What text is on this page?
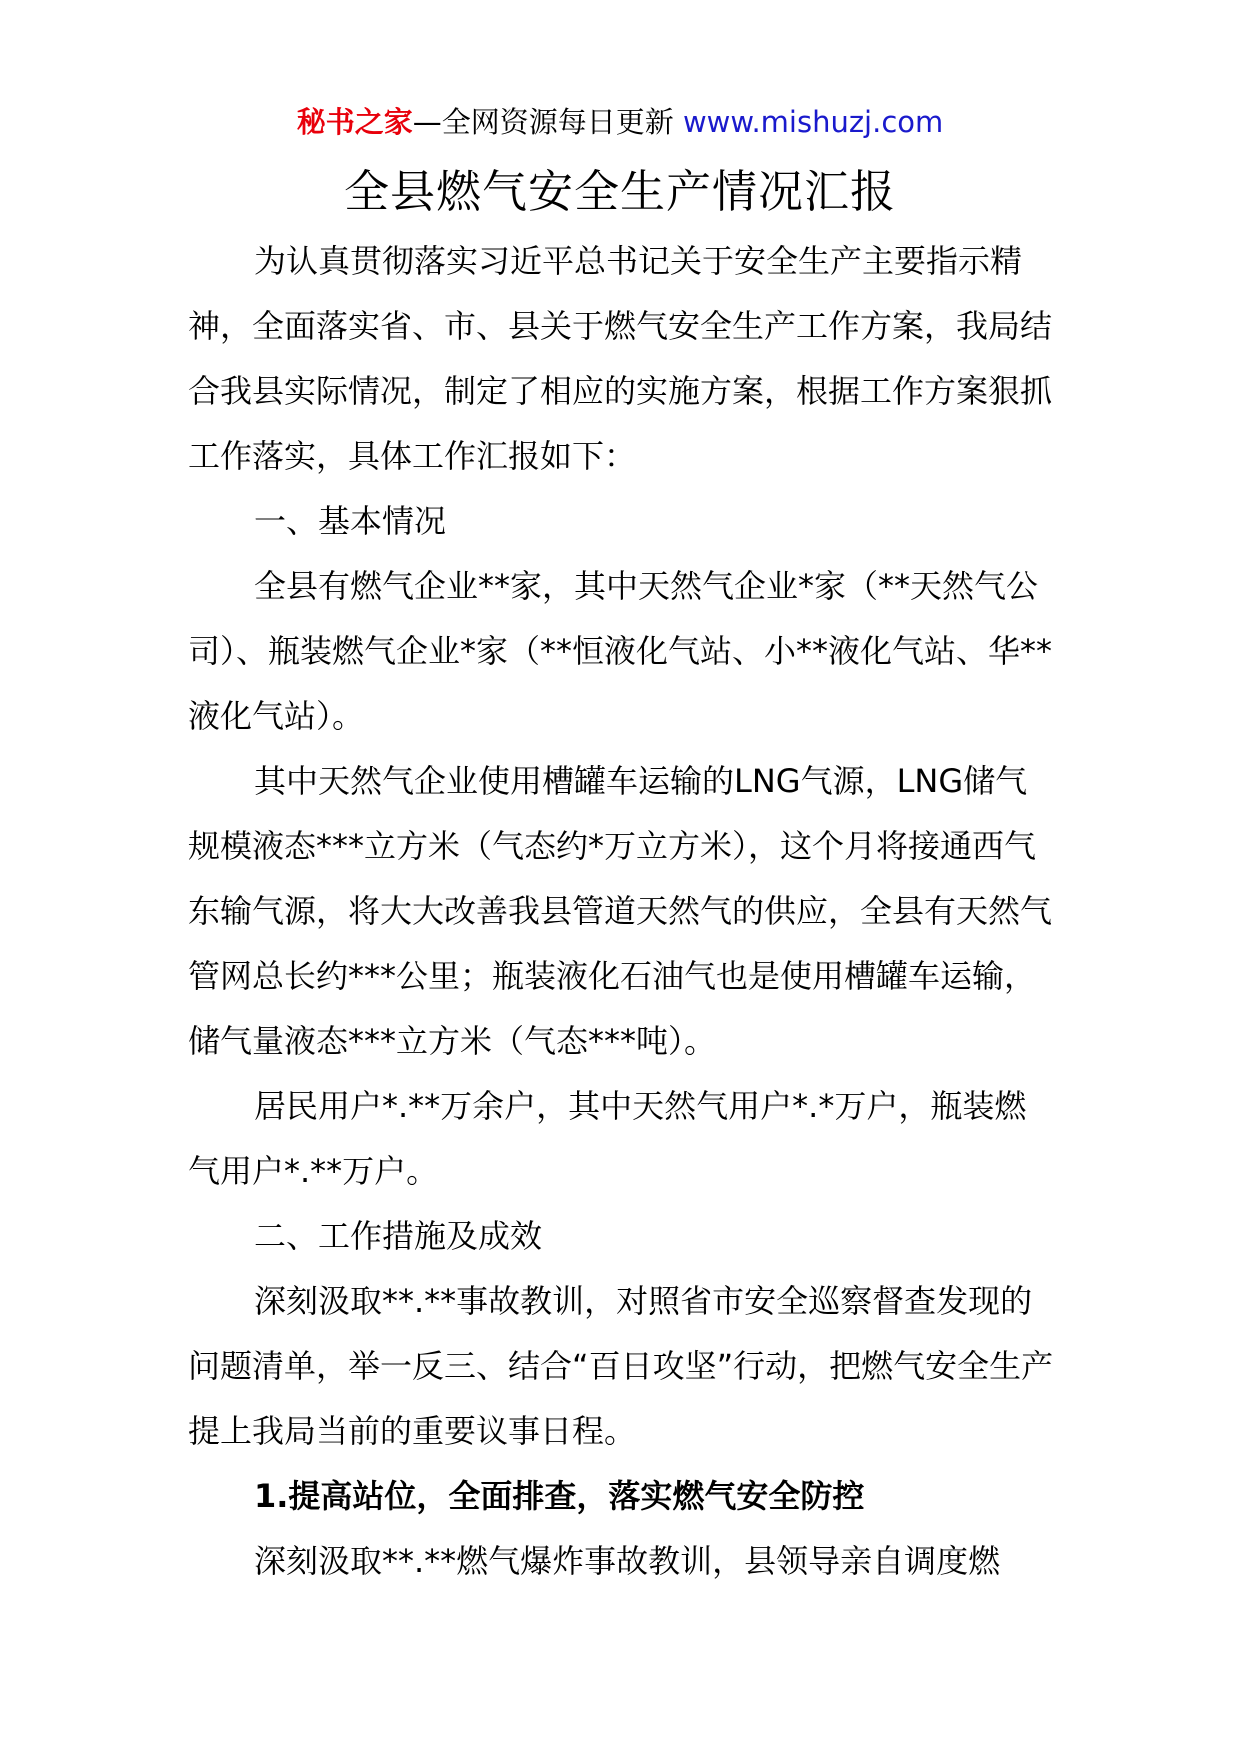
秘书之家—全网资源每日更新 www.mishuzj.com
全县燃气安全生产情况汇报

为认真贯彻落实习近平总书记关于安全生产主要指示精神，全面落实省、市、县关于燃气安全生产工作方案，我局结合我县实际情况，制定了相应的实施方案，根据工作方案狠抓工作落实，具体工作汇报如下：

一、基本情况

全县有燃气企业**家，其中天然气企业*家（**天然气公司）、瓶装燃气企业*家（**恒液化气站、小**液化气站、华**液化气站）。

其中天然气企业使用槽罐车运输的LNG气源，LNG储气规模液态***立方米（气态约*万立方米），这个月将接通西气东输气源，将大大改善我县管道天然气的供应，全县有天然气管网总长约***公里；瓶装液化石油气也是使用槽罐车运输，储气量液态***立方米（气态***吨）。

居民用户*.**万余户，其中天然气用户*.*万户，瓶装燃气用户*.**万户。

二、工作措施及成效

深刻汲取**.**事故教训，对照省市安全巡察督查发现的问题清单，举一反三、结合“百日攻坚”行动，把燃气安全生产提上我局当前的重要议事日程。

1.提高站位，全面排查，落实燃气安全防控

深刻汲取**.**燃气爆炸事故教训，县领导亲自调度燃
